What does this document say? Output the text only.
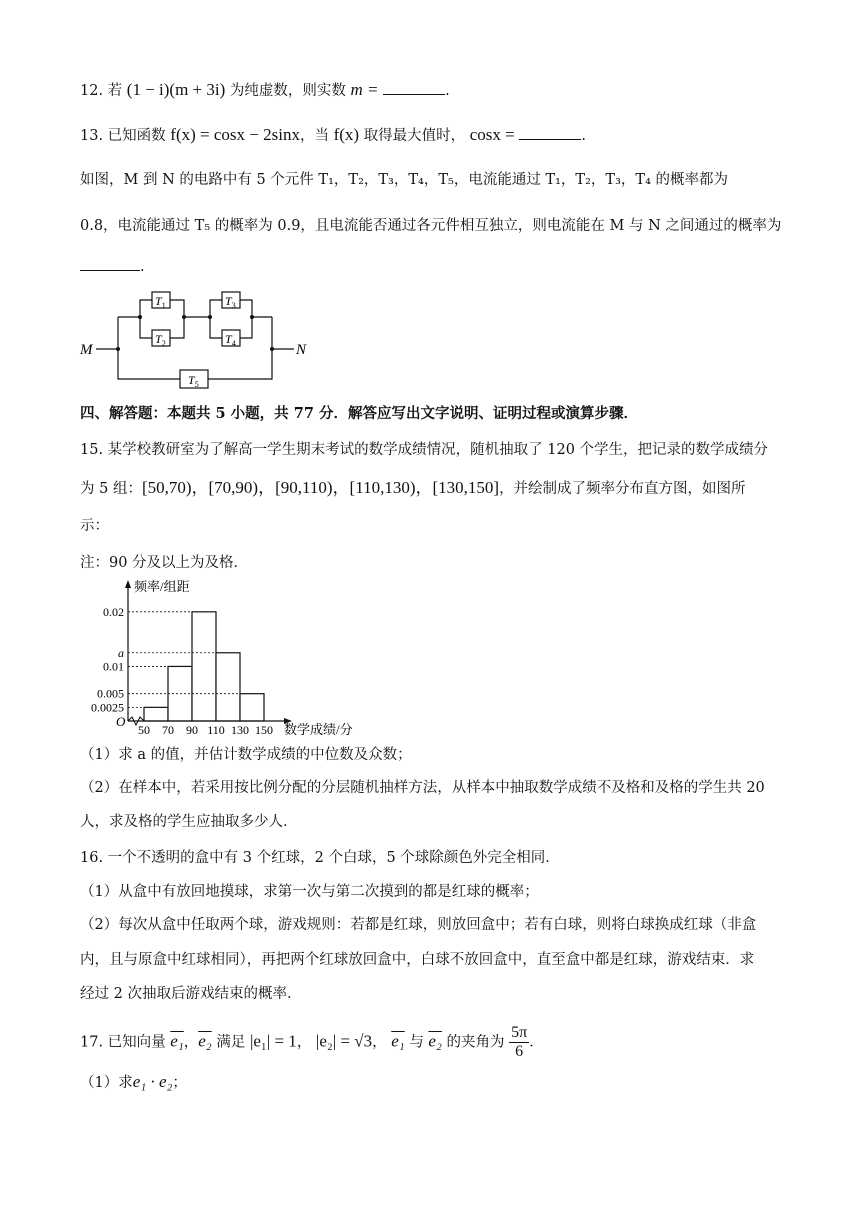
12. 若 (1 − i)(m + 3i) 为纯虚数，则实数 m =	.
13. 已知函数 f(x) = cosx − 2sinx，当 f(x) 取得最大值时， cosx =	.
如图，M 到 N 的电路中有 5 个元件 T₁，T₂，T₃，T₄，T₅，电流能通过 T₁，T₂，T₃，T₄ 的概率都为
0.8，电流能通过 T₅ 的概率为 0.9，且电流能否通过各元件相互独立，则电流能在 M 与 N 之间通过的概率为
.
M	N
$T_1$
$T_2$
$T_3$
$T_4$
$T_5$
四、解答题：本题共 5 小题，共 77 分．解答应写出文字说明、证明过程或演算步骤．
15. 某学校教研室为了解高一学生期末考试的数学成绩情况，随机抽取了 120 个学生，把记录的数学成绩分
为 5 组：[50,70)，[70,90)，[90,110)，[110,130)，[130,150]，并绘制成了频率分布直方图，如图所
示：
注：90 分及以上为及格．
0.0025
0.005
0.01
a
0.02
50 70 90 110 130 150
O
频率/组距
数学成绩/分
（1）求 a 的值，并估计数学成绩的中位数及众数；
（2）在样本中，若采用按比例分配的分层随机抽样方法，从样本中抽取数学成绩不及格和及格的学生共 20
人，求及格的学生应抽取多少人．
16. 一个不透明的盒中有 3 个红球，2 个白球，5 个球除颜色外完全相同．
（1）从盒中有放回地摸球，求第一次与第二次摸到的都是红球的概率；
（2）每次从盒中任取两个球，游戏规则：若都是红球，则放回盒中；若有白球，则将白球换成红球（非盒
内，且与原盒中红球相同），再把两个红球放回盒中，白球不放回盒中，直至盒中都是红球，游戏结束．求
经过 2 次抽取后游戏结束的概率．
17. 已知向量 e₁，e₂ 满足 |e₁| = 1， |e₂| = √3， e₁ 与 e₂ 的夹角为 $\frac{5\pi}{6}$ ．
（1）求e₁ · e₂；
